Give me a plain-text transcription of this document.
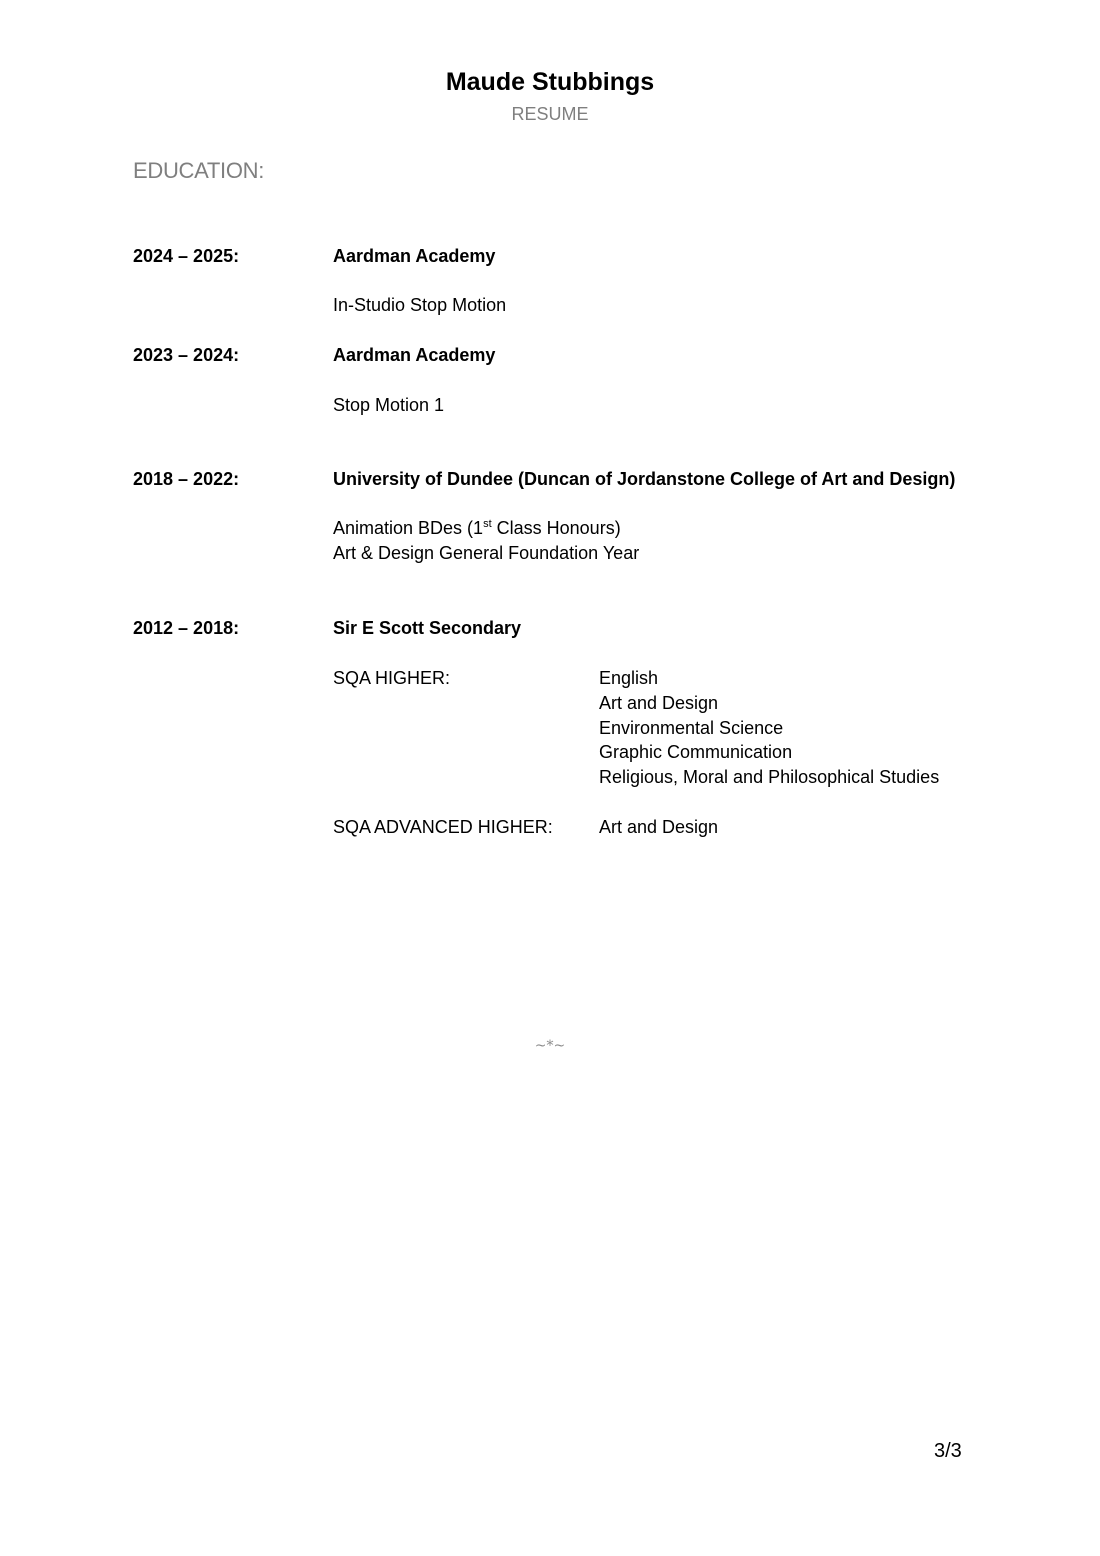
Maude Stubbings
RESUME
EDUCATION:
2024 – 2025:	Aardman Academy
In-Studio Stop Motion
2023 – 2024:	Aardman Academy
Stop Motion 1
2018 – 2022:	University of Dundee (Duncan of Jordanstone College of Art and Design)
Animation BDes (1st Class Honours)
Art & Design General Foundation Year
2012 – 2018:	Sir E Scott Secondary
SQA HIGHER:	English
Art and Design
Environmental Science
Graphic Communication
Religious, Moral and Philosophical Studies
SQA ADVANCED HIGHER:	Art and Design
~*~
3/3
